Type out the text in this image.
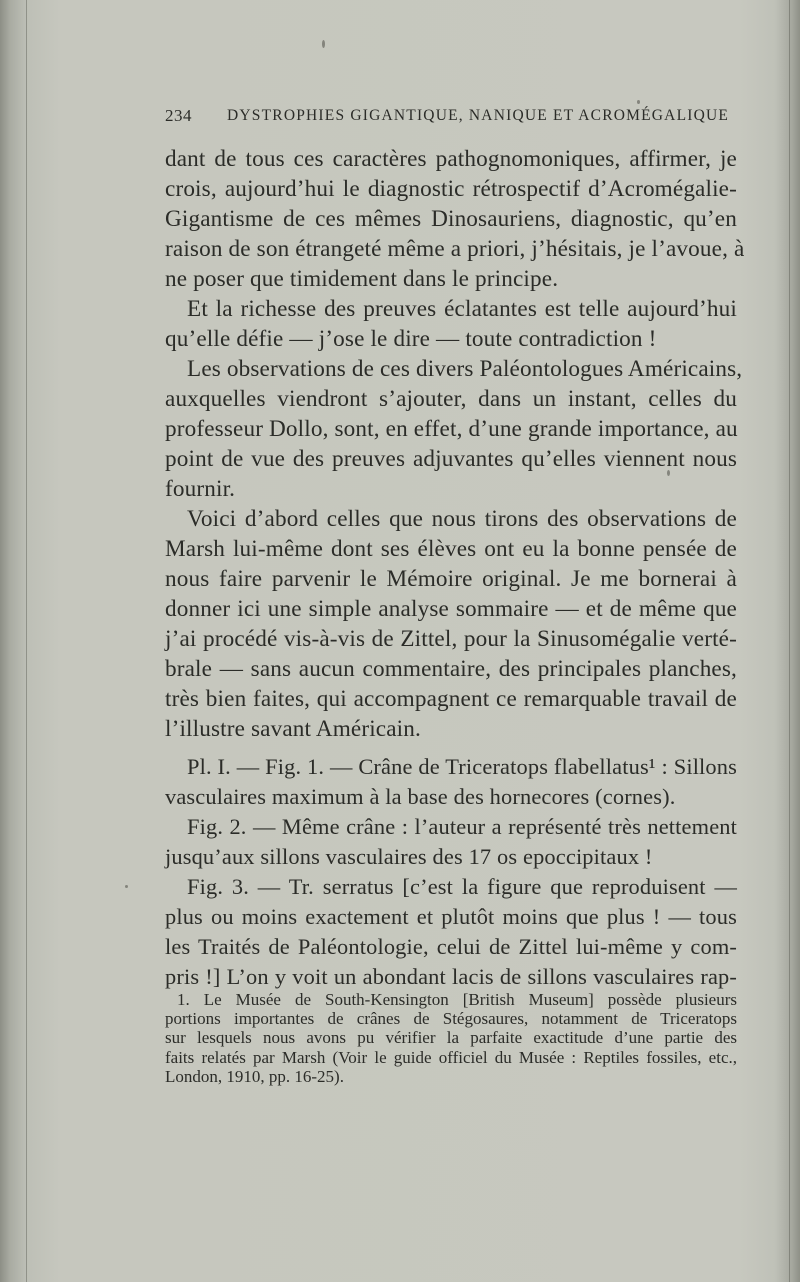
234 DYSTROPHIES GIGANTIQUE, NANIQUE ET ACROMÉGALIQUE
dant de tous ces caractères pathognomoniques, affirmer, je
crois, aujourd’hui le diagnostic rétrospectif d’Acromégalie-
Gigantisme de ces mêmes Dinosauriens, diagnostic, qu’en
raison de son étrangeté même a priori, j’hésitais, je l’avoue, à
ne poser que timidement dans le principe.
Et la richesse des preuves éclatantes est telle aujourd’hui
qu’elle défie — j’ose le dire — toute contradiction !
Les observations de ces divers Paléontologues Américains,
auxquelles viendront s’ajouter, dans un instant, celles du
professeur Dollo, sont, en effet, d’une grande importance, au
point de vue des preuves adjuvantes qu’elles viennent nous
fournir.
Voici d’abord celles que nous tirons des observations de
Marsh lui-même dont ses élèves ont eu la bonne pensée de
nous faire parvenir le Mémoire original. Je me bornerai à
donner ici une simple analyse sommaire — et de même que
j’ai procédé vis-à-vis de Zittel, pour la Sinusomégalie verté-
brale — sans aucun commentaire, des principales planches,
très bien faites, qui accompagnent ce remarquable travail de
l’illustre savant Américain.
Pl. I. — Fig. 1. — Crâne de Triceratops flabellatus¹ : Sillons
vasculaires maximum à la base des hornecores (cornes).
Fig. 2. — Même crâne : l’auteur a représenté très nettement
jusqu’aux sillons vasculaires des 17 os epoccipitaux !
Fig. 3. — Tr. serratus [c’est la figure que reproduisent —
plus ou moins exactement et plutôt moins que plus ! — tous
les Traités de Paléontologie, celui de Zittel lui-même y com-
pris !] L’on y voit un abondant lacis de sillons vasculaires rap-
1. Le Musée de South-Kensington [British Museum] possède plusieurs
portions importantes de crânes de Stégosaures, notamment de Triceratops
sur lesquels nous avons pu vérifier la parfaite exactitude d’une partie des
faits relatés par Marsh (Voir le guide officiel du Musée : Reptiles fossiles, etc.,
London, 1910, pp. 16-25).
